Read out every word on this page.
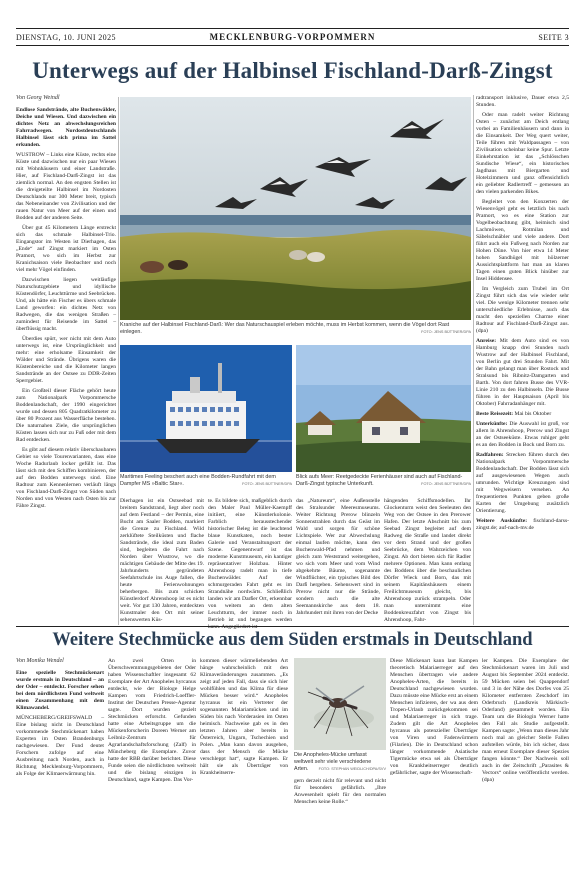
DIENSTAG, 10. JUNI 2025	MECKLENBURG-VORPOMMERN	SEITE 3
Unterwegs auf der Halbinsel Fischland-Darß-Zingst
Von Georg Weindl

Endlose Sandstrände, alte Buchenwälder, Deiche und Wiesen. Und dazwischen ein dichtes Netz an abwechslungsreichen Fahrradwegen. Nordostdeutschlands Halbinsel lässt sich prima im Sattel erkunden.

WUSTROW – Links eine Küste, rechts eine Küste und dazwischen nur ein paar Wiesen mit Wohnhäusern und einer Landstraße. Hier, auf Fischland-Darß-Zingst ist das ziemlich normal. An den engsten Stellen ist die dreigeteilte Halbinsel im Nordosten Deutschlands nur 300 Meter breit, typisch das Nebeneinander von Zivilisation und der rauen Natur von Meer auf der einen und Bodden auf der anderen Seite.

Über gut 45 Kilometern Länge erstreckt sich das schmale Halbinsel-Trio. Eingangstor im Westen ist Dierhagen, das „Ende“ auf Zingst markiert im Osten Pramort, wo sich im Herbst zur Kranichsaison viele Beobachter und noch viel mehr Vögel einfinden.

Dazwischen liegen weitläufige Naturschutzgebiete und idyllische Küstendörfer, Leuchttürme und Seebrücken. Und, als hätte ein Fischer es übers schmale Land geworfen: ein dichtes Netz von Radwegen, die das wenigen Straßen – zumindest für Reisende im Sattel – überflüssig macht.

Überdies spürt, wer nicht mit dem Auto unterwegs ist, eine Ursprünglichkeit und mehr: eine erholsame Einsamkeit der Wälder und Strände. Übrigens waren die Küstenbereiche und die Kilometer langen Sandstrände an der Ostsee zu DDR-Zeiten Sperrgebiet.

Ein Großteil dieser Fläche gehört heute zum Nationalpark Vorpommersche Boddenlandschaft, der 1990 eingerichtet wurde und dessen 805 Quadratkilometer zu über 80 Prozent aus Wasserfläche bestehen. Die naturnahen Ziele, die ursprünglichen Küsten lassen sich nur zu Fuß oder mit dem Rad entdecken.

Es gibt auf diesem relativ überschaubaren Gebiet so viele Tourenvarianten, dass eine Woche Radurlaub locker gefüllt ist. Das lässt sich mit den Schiffen kombinieren, der auf den Bodden unterwegs sind. Eine Radtour zum Kennenlernen verläuft längs von Fischland-Darß-Zingst von Süden nach Norden und von Westen nach Osten bis zur Fähre Zingst.

Kraniche auf der Halbinsel Fischland-Darß: Wer das Naturschauspiel erleben möchte, muss im Herbst kommen, wenn die Vögel dort Rast einlegen.	FOTO: JENS BÜTTNER/DPA
Maritimes Feeling beschert auch eine Bodden-Rundfahrt mit dem Dampfer MS »Baltic Star«.	FOTO: JENS BÜTTNER/DPA
Blick aufs Meer: Reetgedeckte Ferienhäuser sind auch auf Fischland-Darß-Zingst typische Unterkunft.	FOTO: JENS BÜTTNER/DPA

radtransport inklusive, Dauer etwa 2,5 Stunden.

Oder man radelt weiter Richtung Osten – zunächst am Deich entlang vorbei an Familienhäusern und dann in die Einsamkeit. Der Weg quert weiter, Teile führen mit Waldpassagen – von Zivilisation scheinbar keine Spur. Letzte Einkehrstation ist das „Schlösschen Sundische Wiese“, ein historisches Jagdhaus mit Biergarten und Hotelzimmern und ganz offensichtlich ein geliebter Radlertreff – gemessen an den vielen parkenden Bikes.

Begleitet von den Konzerten der Wiesenvögel geht es letztlich bis nach Pramort, wo es eine Station zur Vogelbeobachtung gibt, heimisch sind Lachmöwen, Rotmilan und Säbelschnäbler und viele andere. Dort führt auch ein Fußweg nach Norden zur Hohen Düne. Von hier etwa 14 Meter hohen Sandhügel mit hölzerner Aussichtsplattform hat man an klaren Tagen einen guten Blick hinüber zur Insel Hiddensee.

Im Vergleich zum Trubel im Ort Zingst führt sich das wie wieder sehr viel. Die wenige Kilometer trennen sehr unterschiedliche Erlebnisse, auch das macht den speziellen Charme einer Radtour auf Fischland-Darß-Zingst aus. (dpa)

Anreise: Mit dem Auto sind es von Hamburg knapp drei Stunden nach Wustrow auf der Halbinsel Fischland, von Berlin gut drei Stunden Fahrt. Mit der Bahn gelangt man über Rostock und Stralsund bis Ribnitz-Damgarten und Barth. Von dort fahren Busse des VVR-Linie 210 zu den Halbinseln. Die Busse führen in der Hauptsaison (April bis Oktober) Fahrradanhänger mit.

Beste Reisezeit: Mai bis Oktober

Unterkünfte: Die Auswahl ist groß, vor allem in Ahrenshoop, Prerow und Zingst an der Ostseeküste. Etwas ruhiger geht es an den Bodden in Bock und Born zu.

Radfahren: Strecken führen durch den Nationalpark Vorpommersche Boddenlandschaft. Der Bodden lässt sich auf ausgewiesenen Wegen auch umrunden. Wichtige Kreuzungen sind mit Wegweisern versehen. An frequentierten Punkten geben große Karten der Umgebung zusätzlich Orientierung.

Weitere Auskünfte: fischland-darss-zingst.de; auf-nach-mv.de

Dierhagen ist ein Ostseebad mit breitem Sandstrand, liegt aber noch auf dem Festland – der Permin, eine Bucht am Saaler Bodden, markiert die Grenze zu Fischland. Wild zerklüftete Steilküsten und flache Sandstrände, die ideal zum Baden sind, begleiten die Fahrt nach Norden über Wustrow, wo die mächtigen Gebäude der Mitte des 19. Jahrhunderts gegründeten Seefahrtschule ins Auge fallen, die heute Ferienwohnungen beherbergen. Bis zum schicken Künstlerdorf Ahrenshoop ist es nicht weit. Vor gut 130 Jahren, entdeckten Kunstmaler den Ort mit seiner sehenswerten Küs-
te. Es bildete sich, maßgeblich durch den Maler Paul Müller-Kaempff initiiert, eine Künstlerkolonie. Farblich herausstechender historischer Beleg ist die leuchtend blaue Kunstkaten, noch bester Galerie und Veranstaltungsort der Szene. Gegenentwurf ist das moderne Kunstmuseum, ein kantiger repräsentativer Holzbau. Hinter Ahrenshoop radelt man in tiefe Buchenwälder. Auf der schmurgeraden Fahrt geht es im Strandnähe nordwärts. Schließlich landen wir am Darßer Ort, erkennbar von weitem an dem alten Leuchtturm, der immer noch in Betrieb ist und begangen werden kann. Angegliedert ist
das „Natureum“, eine Außenstelle des Stralsunder Meeresmuseums. Weiter Richtung Prerow blinzeln Sonnenstrahlen durch das Geäst im Wald und sorgen für schöne Lichtspiele. Wer zur Abwechslung einmal laufen möchte, kann den Buchenwald-Pfad nehmen und gleich zum Weststrand weitergehen, wo sich vom Meer und vom Wind abgekehrte Bäume, sogenannte Windflüchter, ein typisches Bild des Darß hergeben. Sehenswert sind in Prerow nicht nur die Strände, sondern auch die alte Seemannskirche aus dem 18. Jahrhundert mit ihren von der Decke
hängenden Schiffsmodellen. Ihr Glockenturm weist den Seeleuten den Weg von der Ostsee in den Prerower Hafen. Der letzte Abschnitt bis zum Seebad Zingst begleitet auf dem Radweg die Straße und landet direkt vor dem Strand und der großen Seebrücke, dem Wahrzeichen von Zingst. Ab dort bieten sich für Radler mehrere Optionen. Man kann entlang des Boddens über die beschaulichen Dörfer Wieck und Born, das mit seinem Kapitänshäusern einem Freilichtmuseum gleicht, bis Ahrenshoop zurück strampeln. Oder man unternimmt eine Boddenkreuzfahrt von Zingst bis Ahrenshoop, Fahr-
Weitere Stechmücke aus dem Süden erstmals in Deutschland
Von Monika Wendel

Eine spezielle Stechmückenart wurde erstmals in Deutschland – an der Oder – entdeckt. Forscher sehen bei dem nördlichsten Fund weltweit einen Zusammenhang mit dem Klimawandel.

MÜNCHEBERG/GREIFSWALD – Eine bislang nicht in Deutschland vorkommende Stechmückenart haben Experten im Osten Brandenburgs nachgewiesen. Der Fund deutet Forschern zufolge auf eine Ausbreitung nach Norden, auch in Richtung Mecklenburg-Vorpommern, als Folge der Klimaerwärmung hin.

An zwei Orten in Überschwemmungsgebieten der Oder haben Wissenschaftler insgesamt 62 Exemplare der Art Anopheles hyrcanus entdeckt, wie der Biologe Helge Kampen vom Friedrich-Loeffler-Institut der Deutschen Presse-Agentur sagte. Dort wurden gezielt Stechmücken erforscht. Gefunden hatte eine Arbeitsgruppe um die Mückenforscherin Doreen Werner am Leibniz-Zentrum für Agrarlandschaftsforschung (Zalf) in Müncheberg die Exemplare. Zuvor hatte der RBB darüber berichtet. Diese Funde seien die nördlichsten weltweit und die bislang einzigen in Deutschland, sagte Kampen. Das Vor-
kommen dieser wärmeliebenden Art hänge wahrscheinlich mit den Klimaveränderungen zusammen. „Es zeigt auf jeden Fall, dass sie sich hier wohlfühlen und das Klima für diese Mücken besser wird.“ Anopheles hyrcanus ist ein Vertreter der sogenannten Malariamücken und im Süden bis nach Vorderasien im Osten heimisch. Nachweise gab es in den letzten Jahren aber bereits in Österreich, Ungarn, Tschechien und Polen. „Man kann davon ausgehen, dass der Mensch die Mücke verschleppt hat“, sagte Kampen. Er hält sie als Überträger von Krankheitserre-
Die Anopheles-Mücke umfasst weltweit sehr viele verschiedene Arten.	FOTO: STEPHAN WEIDLICH/DPA/SVV
gern derzeit nicht für relevant und nicht für besonders gefährlich. „Ihre Anwesenheit spielt für den normalen Menschen keine Rolle.“
Diese Mückenart kann laut Kampen theoretisch Malariaerreger auf den Menschen übertragen wie andere Anopheles-Arten, die bereits in Deutschland nachgewiesen wurden. Dazu müsste eine Mücke erst an einem Menschen infizieren, der wa aus dem Tropen-Urlaub zurückgekommen sei und Malariaerreger in sich trage. Zudem gilt die Art Anopheles hyrcanus als potenzieller Überträger von Viren und Fadenwürmern (Filarien). Die in Deutschland schon länger vorkommende Asiatische Tigermücke etwa sei als Überträger von Krankheitserreger deutlich gefährlicher, sagte der Wissenschaft-
ler Kampen. Die Exemplare der Stechmückenart waren im Juli und August bis September 2024 entdeckt. 59 Mücken seien bei Quappendorf und 3 in der Nähe des Dorfes von 25 Kilometer entfernten Zeschdorf im Oderbruch (Landkreis Märkisch-Oderland) gesammelt worden. Ein Team um die Biologin Werner hatte den Fall als Studie aufgestellt. Kampen sagte: „Wenn man dieses Jahr noch mal an gleicher Stelle Fallen aufstellen würde, bin ich sicher, dass man erneut Exemplare dieser Spezies fangen könnte.“ Der Nachweis soll auch in der Zeitschrift „Parasites & Vectors“ online veröffentlicht werden. (dpa)
